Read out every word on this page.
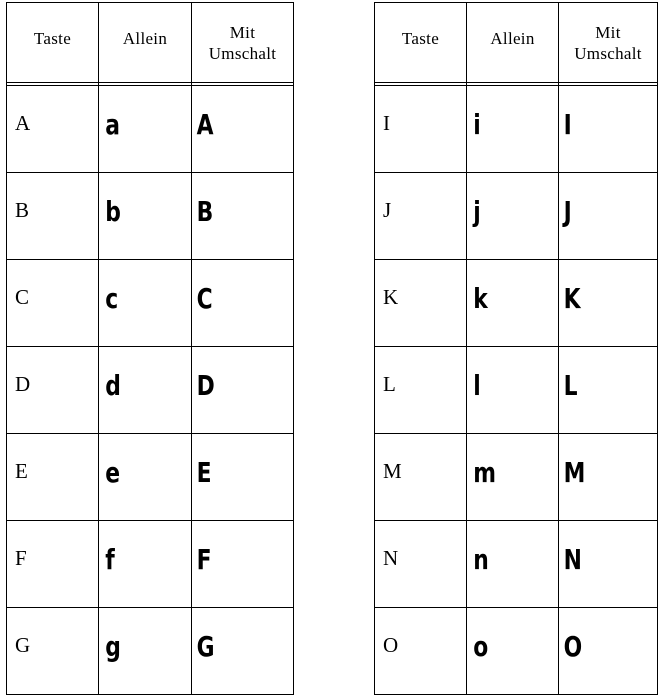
Taste	Allein	Mit
Umschalt

A	a	A

B	b	B

C	c	C

D	d	D

E	e	E

F	f	F

G	g	G
Taste	Allein	Mit
Umschalt

I	i	I

J	j	J

K	k	K

L	l	L

M	m	M

N	n	N

O	o	O
